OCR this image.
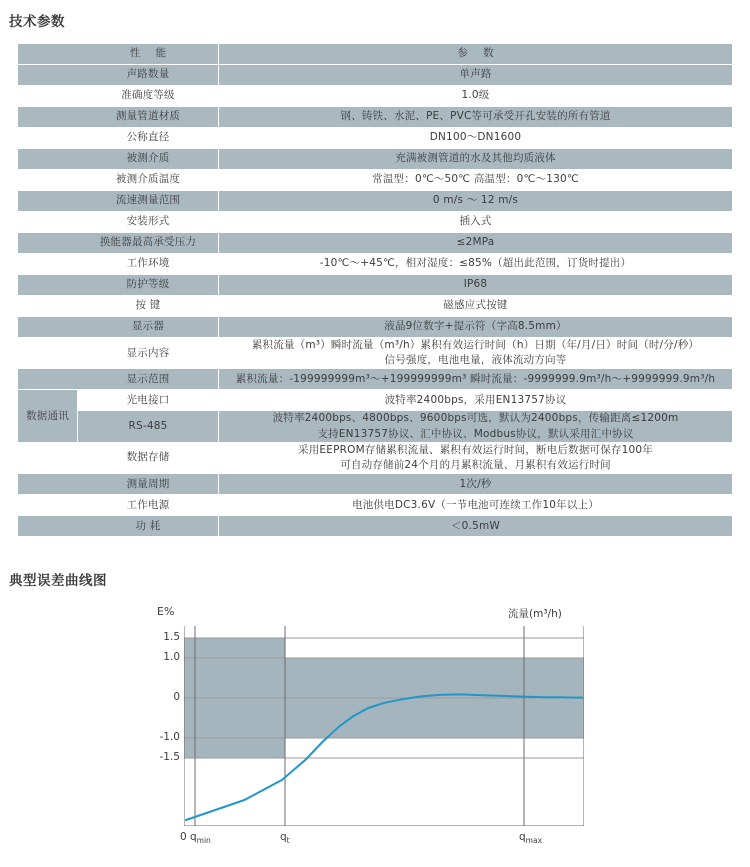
技术参数
典型误差曲线图
	性 能	参 数
	声路数量	单声路

	准确度等级	1.0级

	测量管道材质	钢、铸铁、水泥、PE、PVC等可承受开孔安装的所有管道

	公称直径	DN100～DN1600

	被测介质	充满被测管道的水及其他均质液体

	被测介质温度	常温型：0℃～50℃ 高温型：0℃～130℃

	流速测量范围	0 m/s ～ 12 m/s

	安装形式	插入式

	换能器最高承受压力	≤2MPa

	工作环境	-10℃～+45℃，相对湿度：≤85%（超出此范围，订货时提出）

	防护等级	IP68

	按 键	磁感应式按键

	显示器	液晶9位数字+提示符（字高8.5mm）

	显示内容	累积流量（m³）瞬时流量（m³/h）累积有效运行时间（h）日期（年/月/日）时间（时/分/秒）
信号强度，电池电量，液体流动方向等

	显示范围	累积流量：-199999999m³～+199999999m³ 瞬时流量：-9999999.9m³/h～+9999999.9m³/h

数据通讯	光电接口	波特率2400bps，采用EN13757协议

	RS-485	波特率2400bps、4800bps、9600bps可选，默认为2400bps，传输距离≤1200m
支持EN13757协议、汇中协议、Modbus协议，默认采用汇中协议

	数据存储	采用EEPROM存储累积流量、累积有效运行时间，断电后数据可保存100年
可自动存储前24个月的月累积流量、月累积有效运行时间

	测量周期	1次/秒

	工作电源	电池供电DC3.6V（一节电池可连续工作10年以上）

	功 耗	＜0.5mW
E%	流量(m³/h)
1.5
1.0
0
-1.0
-1.5
0 $q_{min}$	$q_t$	$q_{max}$
